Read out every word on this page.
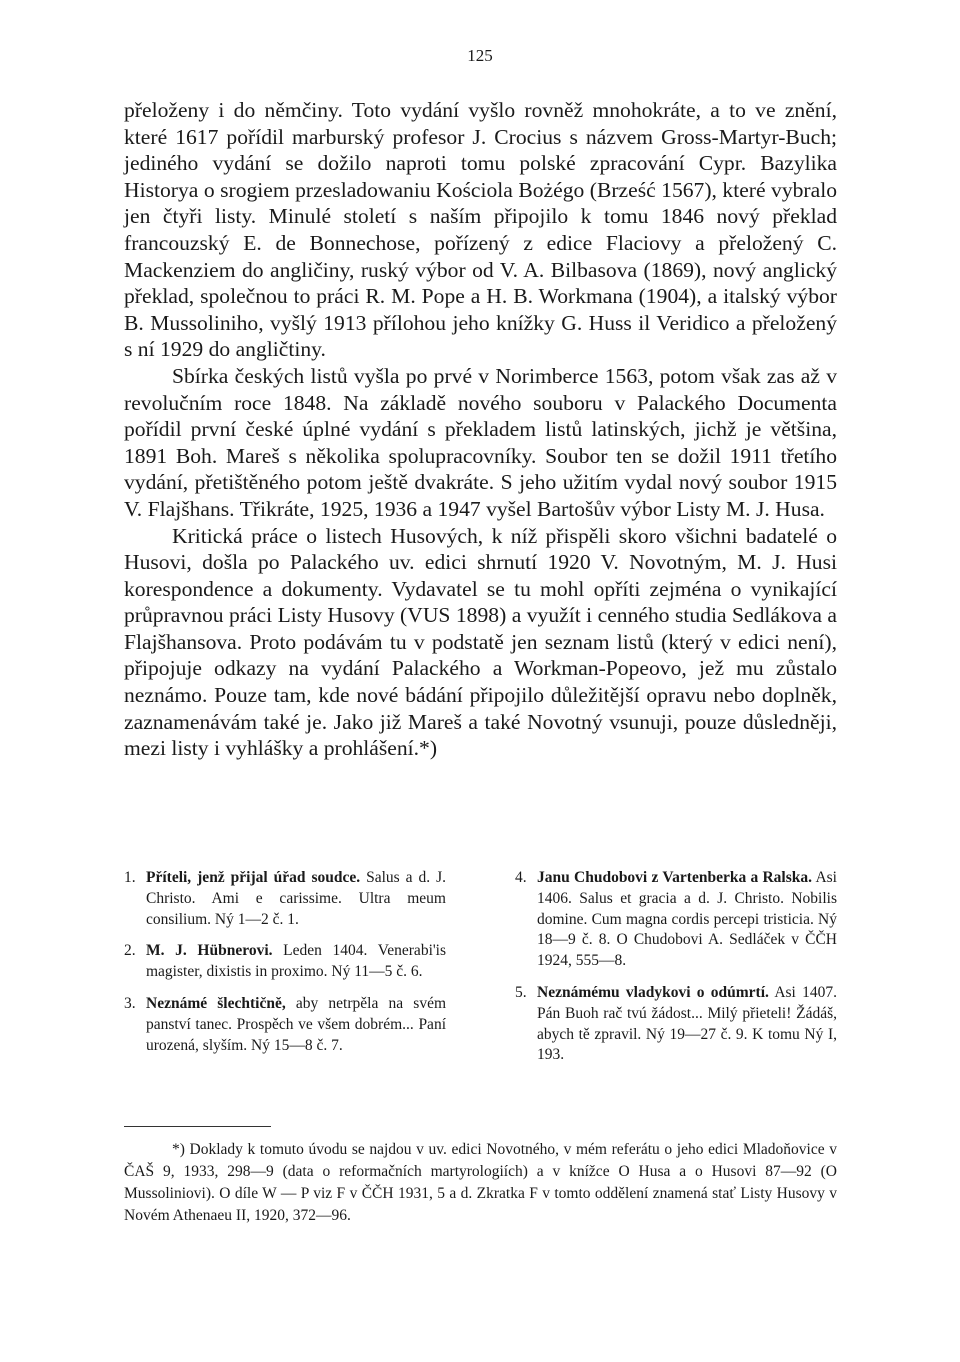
125

přeloženy i do němčiny. Toto vydání vyšlo rovněž mnohokráte, a to ve znění, které 1617 pořídil marburský profesor J. Crocius s názvem Gross-Martyr-Buch; jediného vydání se dožilo naproti tomu polské zpracování Cypr. Bazylika Historya o srogiem przesladowaniu Kościola Bożégo (Brześć 1567), které vybralo jen čtyři listy. Minulé století s naším připojilo k tomu 1846 nový překlad francouzský E. de Bonnechose, pořízený z edice Flaciovy a přeložený C. Mackenziem do angličiny, ruský výbor od V. A. Bilbasova (1869), nový anglický překlad, společnou to práci R. M. Pope a H. B. Workmana (1904), a italský výbor B. Mussoliniho, vyšlý 1913 přílohou jeho knížky G. Huss il Veridico a přeložený s ní 1929 do angličtiny.

Sbírka českých listů vyšla po prvé v Norimberce 1563, potom však zas až v revolučním roce 1848. Na základě nového souboru v Palackého Documenta pořídil první české úplné vydání s překladem listů latinských, jichž je většina, 1891 Boh. Mareš s několika spolupracovníky. Soubor ten se dožil 1911 třetího vydání, přetištěného potom ještě dvakráte. S jeho užitím vydal nový soubor 1915 V. Flajšhans. Třikráte, 1925, 1936 a 1947 vyšel Bartošův výbor Listy M. J. Husa.

Kritická práce o listech Husových, k níž přispěli skoro všichni badatelé o Husovi, došla po Palackého uv. edici shrnutí 1920 V. Novotným, M. J. Husi korespondence a dokumenty. Vydavatel se tu mohl opříti zejména o vynikající průpravnou práci Listy Husovy (VUS 1898) a využít i cenného studia Sedlákova a Flajšhansova. Proto podávám tu v podstatě jen seznam listů (který v edici není), připojuje odkazy na vydání Palackého a Workman-Popeovo, jež mu zůstalo neznámo. Pouze tam, kde nové bádání připojilo důležitější opravu nebo doplněk, zaznamenávám také je. Jako již Mareš a také Novotný vsunuji, pouze důsledněji, mezi listy i vyhlášky a prohlášení.*)

1. Příteli, jenž přijal úřad soudce. Salus a d. J. Christo. Ami e carissime. Ultra meum consilium. Ný 1—2 č. 1.
2. M. J. Hübnerovi. Leden 1404. Venerabi'is magister, dixistis in proximo. Ný 11—5 č. 6.
3. Neznámé šlechtičně, aby netrpěla na svém panství tanec. Prospěch ve všem dobrém... Paní urozená, slyším. Ný 15—8 č. 7.
4. Janu Chudobovi z Vartenberka a Ralska. Asi 1406. Salus et gracia a d. J. Christo. Nobilis domine. Cum magna cordis percepi tristicia. Ný 18—9 č. 8. O Chudobovi A. Sedláček v ČČH 1924, 555—8.
5. Neznámému vladykovi o odúmrtí. Asi 1407. Pán Buoh rač tvú žádost... Milý přieteli! Žádáš, abych tě zpravil. Ný 19—27 č. 9. K tomu Ný I, 193.
*) Doklady k tomuto úvodu se najdou v uv. edici Novotného, v mém referátu o jeho edici Mladoňovice v ČAŠ 9, 1933, 298—9 (data o reformačních martyrologiích) a v knížce O Husa a o Husovi 87—92 (O Mussoliniovi). O díle W — P viz F v ČČH 1931, 5 a d. Zkratka F v tomto oddělení znamená stať Listy Husovy v Novém Athenaeu II, 1920, 372—96.
